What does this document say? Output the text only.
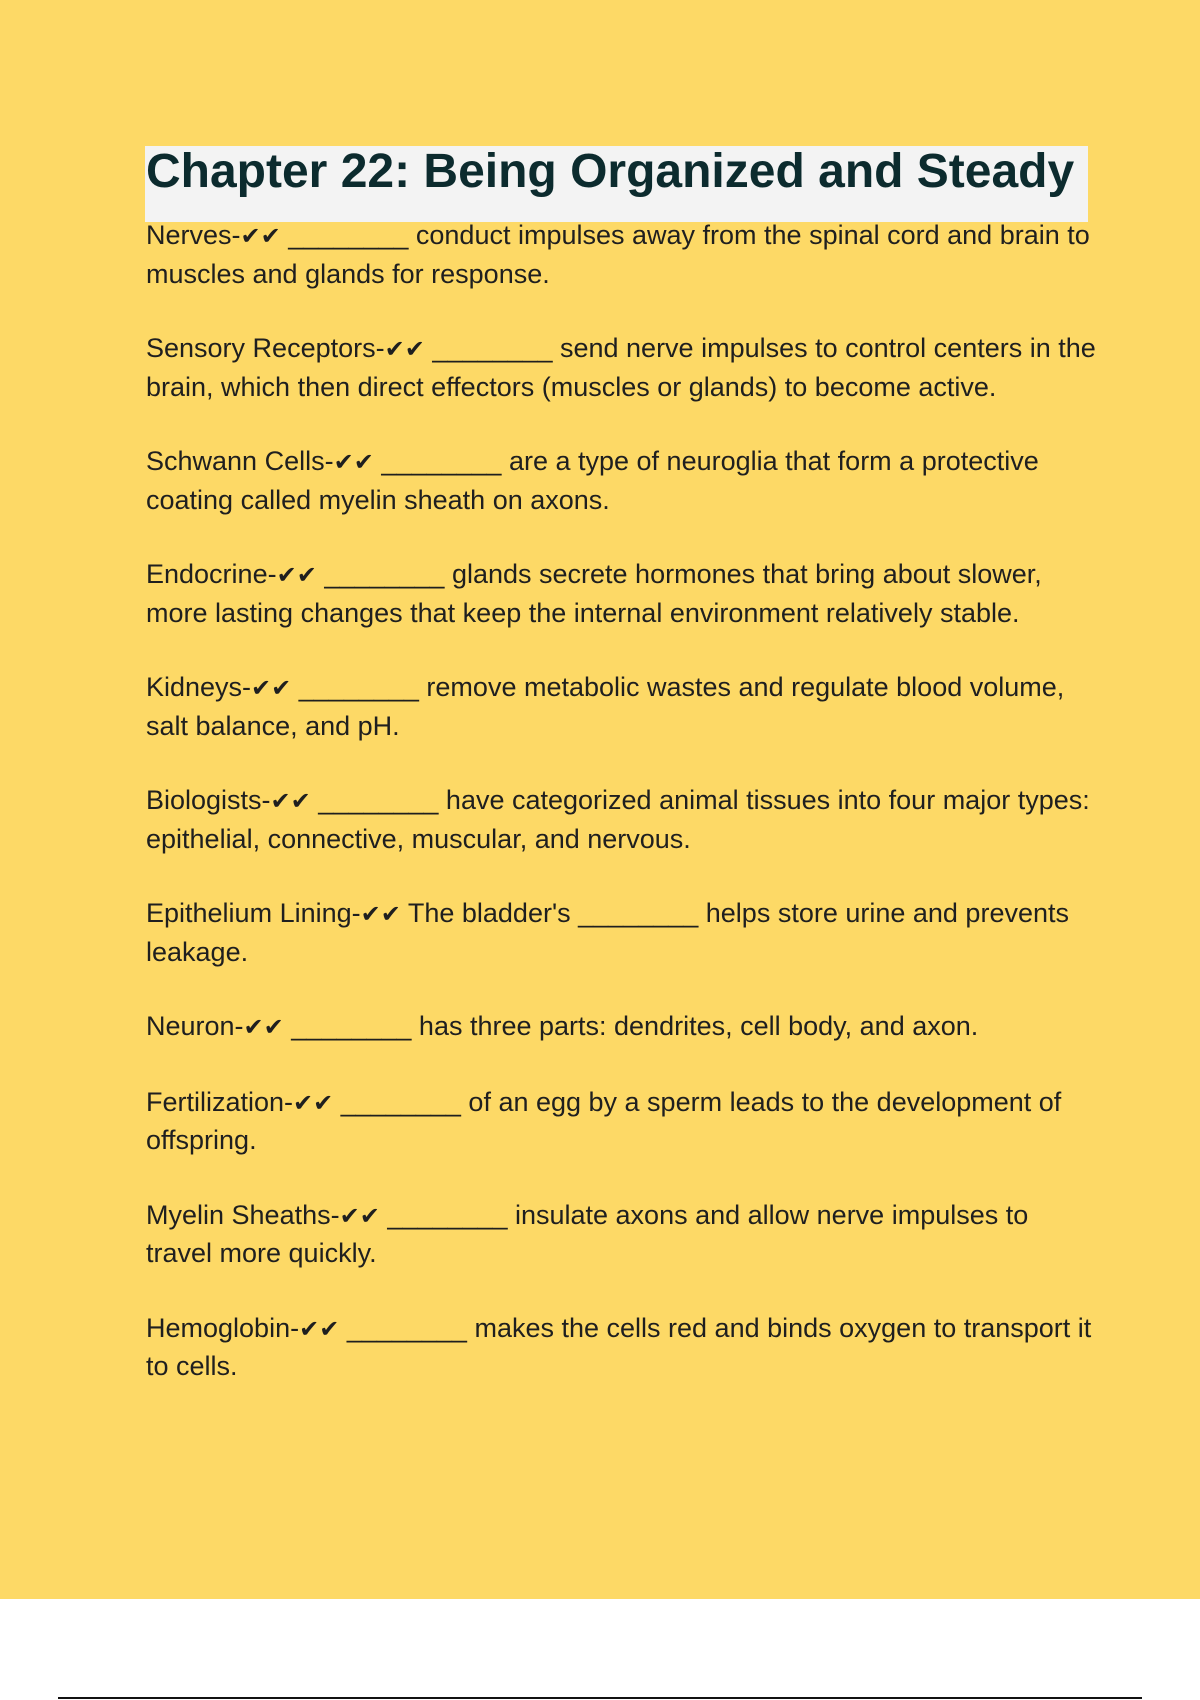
Chapter 22: Being Organized and Steady

Nerves-✔✔ ________ conduct impulses away from the spinal cord and brain to muscles and glands for response.

Sensory Receptors-✔✔ ________ send nerve impulses to control centers in the brain, which then direct effectors (muscles or glands) to become active.

Schwann Cells-✔✔ ________ are a type of neuroglia that form a protective coating called myelin sheath on axons.

Endocrine-✔✔ ________ glands secrete hormones that bring about slower, more lasting changes that keep the internal environment relatively stable.

Kidneys-✔✔ ________ remove metabolic wastes and regulate blood volume, salt balance, and pH.

Biologists-✔✔ ________ have categorized animal tissues into four major types: epithelial, connective, muscular, and nervous.

Epithelium Lining-✔✔ The bladder's ________ helps store urine and prevents leakage.

Neuron-✔✔ ________ has three parts: dendrites, cell body, and axon.

Fertilization-✔✔ ________ of an egg by a sperm leads to the development of offspring.

Myelin Sheaths-✔✔ ________ insulate axons and allow nerve impulses to travel more quickly.

Hemoglobin-✔✔ ________ makes the cells red and binds oxygen to transport it to cells.
